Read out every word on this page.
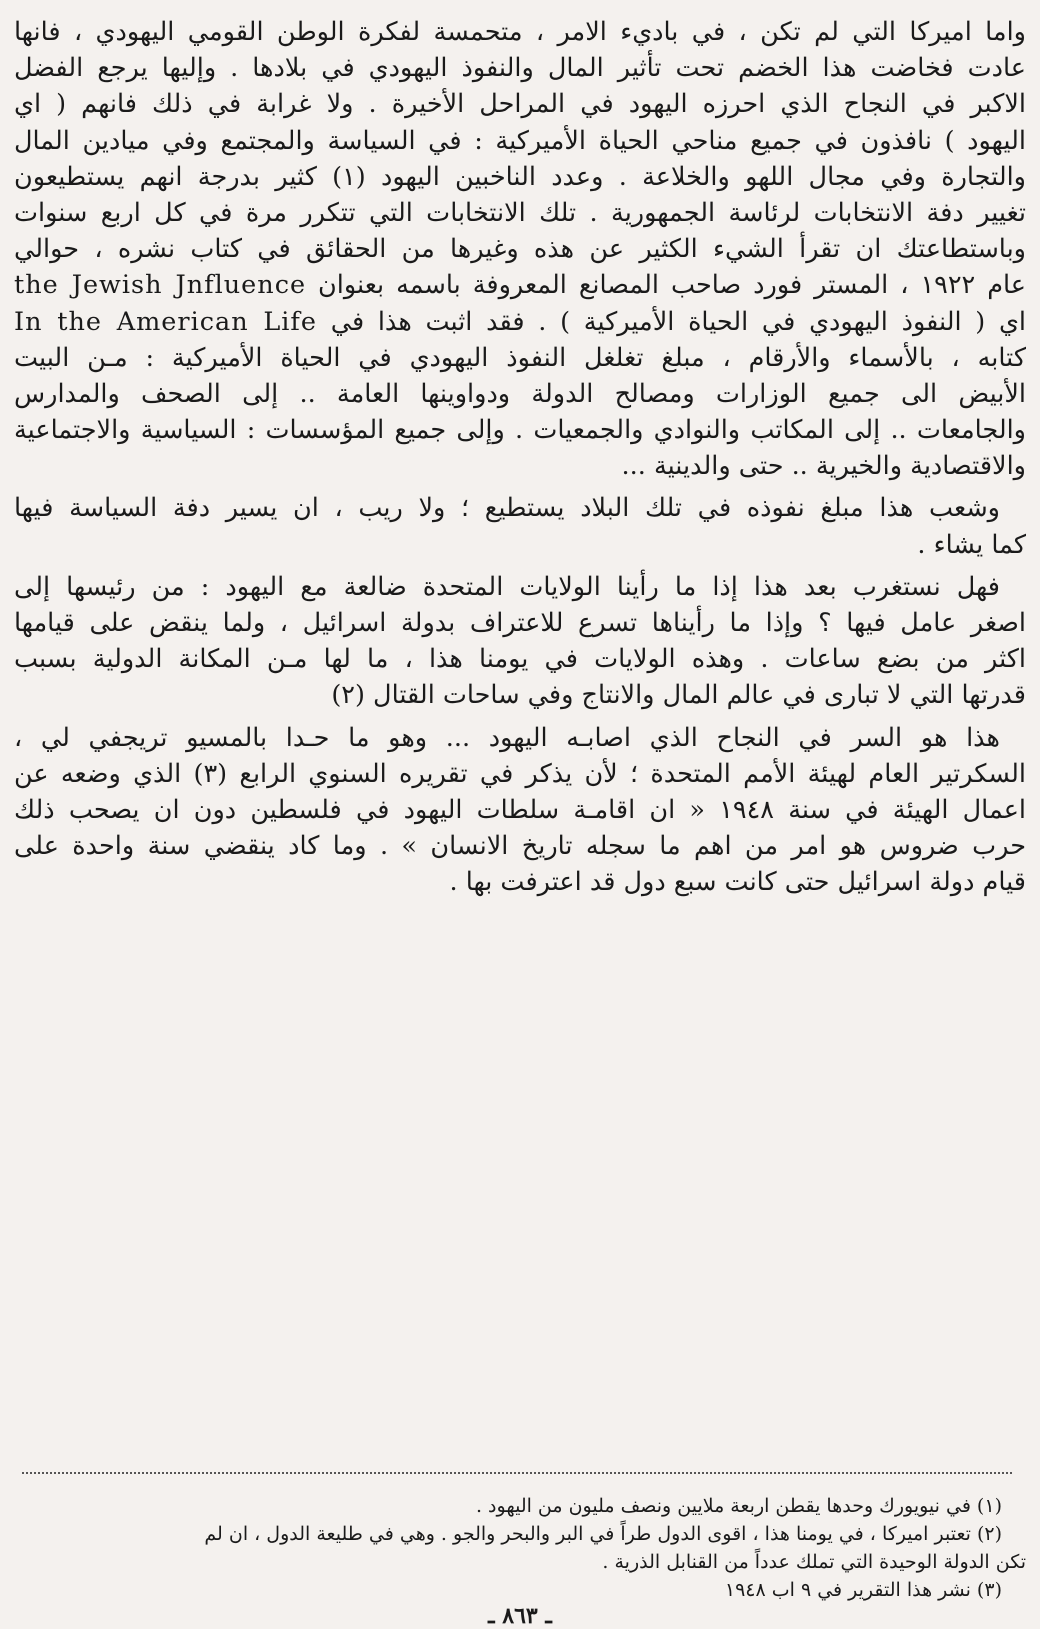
واما اميركا التي لم تكن ، في باديء الامر ، متحمسة لفكرة الوطن القومي اليهودي ، فانها
عادت فخاضت هذا الخضم تحت تأثير المال والنفوذ اليهودي في بلادها . وإليها يرجع الفضل
الاكبر في النجاح الذي احرزه اليهود في المراحل الأخيرة . ولا غرابة في ذلك فانهم ( اي
اليهود ) نافذون في جميع مناحي الحياة الأميركية : في السياسة والمجتمع وفي ميادين المال
والتجارة وفي مجال اللهو والخلاعة . وعدد الناخبين اليهود (١) كثير بدرجة انهم يستطيعون
تغيير دفة الانتخابات لرئاسة الجمهورية . تلك الانتخابات التي تتكرر مرة في كل اربع سنوات
وباستطاعتك ان تقرأ الشيء الكثير عن هذه وغيرها من الحقائق في كتاب نشره ، حوالي
عام ١٩٢٢ ، المستر فورد صاحب المصانع المعروفة باسمه بعنوان the Jewish Jnfluence
اي ( النفوذ اليهودي في الحياة الأميركية ) . فقد اثبت هذا في In the American Life
كتابه ، بالأسماء والأرقام ، مبلغ تغلغل النفوذ اليهودي في الحياة الأميركية : مـن البيت
الأبيض الى جميع الوزارات ومصالح الدولة ودواوينها العامة .. إلى الصحف والمدارس
والجامعات .. إلى المكاتب والنوادي والجمعيات . وإلى جميع المؤسسات : السياسية والاجتماعية
والاقتصادية والخيرية .. حتى والدينية ...
وشعب هذا مبلغ نفوذه في تلك البلاد يستطيع ؛ ولا ريب ، ان يسير دفة السياسة فيها
كما يشاء .
فهل نستغرب بعد هذا إذا ما رأينا الولايات المتحدة ضالعة مع اليهود : من رئيسها إلى
اصغر عامل فيها ؟ وإذا ما رأيناها تسرع للاعتراف بدولة اسرائيل ، ولما ينقض على قيامها
اكثر من بضع ساعات . وهذه الولايات في يومنا هذا ، ما لها مـن المكانة الدولية بسبب
قدرتها التي لا تبارى في عالم المال والانتاج وفي ساحات القتال (٢)
هذا هو السر في النجاح الذي اصابـه اليهود ... وهو ما حـدا بالمسيو تريجفي لي ،
السكرتير العام لهيئة الأمم المتحدة ؛ لأن يذكر في تقريره السنوي الرابع (٣) الذي وضعه عن
اعمال الهيئة في سنة ١٩٤٨ « ان اقامـة سلطات اليهود في فلسطين دون ان يصحب ذلك
حرب ضروس هو امر من اهم ما سجله تاريخ الانسان » . وما كاد ينقضي سنة واحدة على
قيام دولة اسرائيل حتى كانت سبع دول قد اعترفت بها .
(١) في نيويورك وحدها يقطن اربعة ملايين ونصف مليون من اليهود .
(٢) تعتبر اميركا ، في يومنا هذا ، اقوى الدول طراً في البر والبحر والجو . وهي في طليعة الدول ، ان لم
تكن الدولة الوحيدة التي تملك عدداً من القنابل الذرية .
(٣) نشر هذا التقرير في ٩ اب ١٩٤٨
ـ ٨٦٣ ـ
